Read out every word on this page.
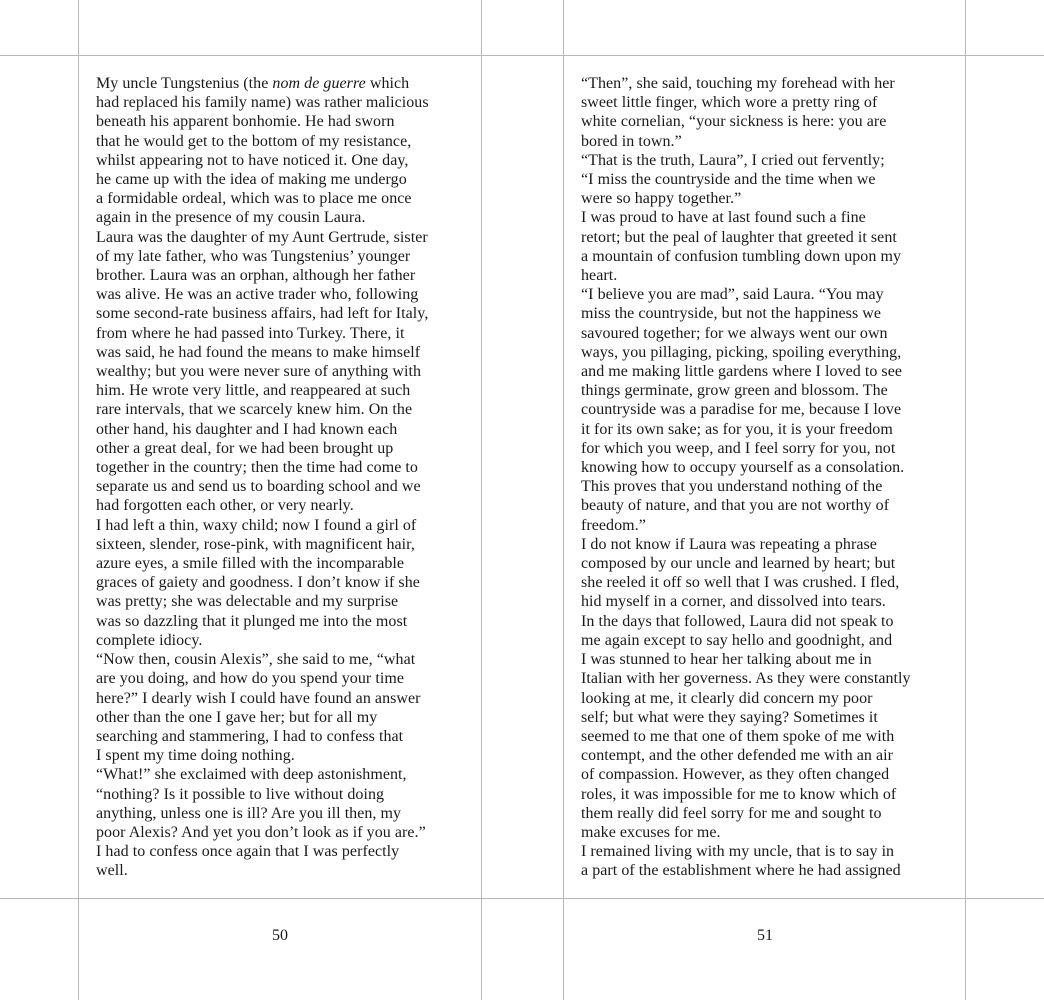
My uncle Tungstenius (the nom de guerre which
had replaced his family name) was rather malicious
beneath his apparent bonhomie. He had sworn
that he would get to the bottom of my resistance,
whilst appearing not to have noticed it. One day,
he came up with the idea of making me undergo
a formidable ordeal, which was to place me once
again in the presence of my cousin Laura.

Laura was the daughter of my Aunt Gertrude, sister
of my late father, who was Tungstenius’ younger
brother. Laura was an orphan, although her father
was alive. He was an active trader who, following
some second-rate business affairs, had left for Italy,
from where he had passed into Turkey. There, it
was said, he had found the means to make himself
wealthy; but you were never sure of anything with
him. He wrote very little, and reappeared at such
rare intervals, that we scarcely knew him. On the
other hand, his daughter and I had known each
other a great deal, for we had been brought up
together in the country; then the time had come to
separate us and send us to boarding school and we
had forgotten each other, or very nearly.

I had left a thin, waxy child; now I found a girl of
sixteen, slender, rose-pink, with magnificent hair,
azure eyes, a smile filled with the incomparable
graces of gaiety and goodness. I don’t know if she
was pretty; she was delectable and my surprise
was so dazzling that it plunged me into the most
complete idiocy.

“Now then, cousin Alexis”, she said to me, “what
are you doing, and how do you spend your time
here?” I dearly wish I could have found an answer
other than the one I gave her; but for all my
searching and stammering, I had to confess that
I spent my time doing nothing.

“What!” she exclaimed with deep astonishment,
“nothing? Is it possible to live without doing
anything, unless one is ill? Are you ill then, my
poor Alexis? And yet you don’t look as if you are.”

I had to confess once again that I was perfectly
well.

“Then”, she said, touching my forehead with her
sweet little finger, which wore a pretty ring of
white cornelian, “your sickness is here: you are
bored in town.”

“That is the truth, Laura”, I cried out fervently;
“I miss the countryside and the time when we
were so happy together.”

I was proud to have at last found such a fine
retort; but the peal of laughter that greeted it sent
a mountain of confusion tumbling down upon my
heart.

“I believe you are mad”, said Laura. “You may
miss the countryside, but not the happiness we
savoured together; for we always went our own
ways, you pillaging, picking, spoiling everything,
and me making little gardens where I loved to see
things germinate, grow green and blossom. The
countryside was a paradise for me, because I love
it for its own sake; as for you, it is your freedom
for which you weep, and I feel sorry for you, not
knowing how to occupy yourself as a consolation.
This proves that you understand nothing of the
beauty of nature, and that you are not worthy of
freedom.”

I do not know if Laura was repeating a phrase
composed by our uncle and learned by heart; but
she reeled it off so well that I was crushed. I fled,
hid myself in a corner, and dissolved into tears.

In the days that followed, Laura did not speak to
me again except to say hello and goodnight, and
I was stunned to hear her talking about me in
Italian with her governess. As they were constantly
looking at me, it clearly did concern my poor
self; but what were they saying? Sometimes it
seemed to me that one of them spoke of me with
contempt, and the other defended me with an air
of compassion. However, as they often changed
roles, it was impossible for me to know which of
them really did feel sorry for me and sought to
make excuses for me.

I remained living with my uncle, that is to say in
a part of the establishment where he had assigned

50	51
